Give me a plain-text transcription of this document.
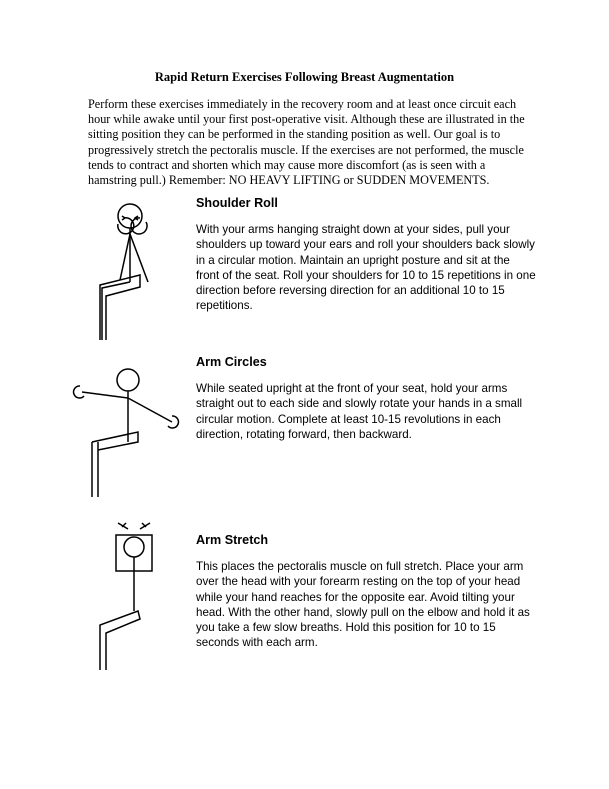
Rapid Return Exercises Following Breast Augmentation
Perform these exercises immediately in the recovery room and at least once circuit each hour while awake until your first post-operative visit. Although these are illustrated in the sitting position they can be performed in the standing position as well. Our goal is to progressively stretch the pectoralis muscle. If the exercises are not performed, the muscle tends to contract and shorten which may cause more discomfort (as is seen with a hamstring pull.) Remember: NO HEAVY LIFTING or SUDDEN MOVEMENTS.
Shoulder Roll

With your arms hanging straight down at your sides, pull your shoulders up toward your ears and roll your shoulders back slowly in a circular motion. Maintain an upright posture and sit at the front of the seat. Roll your shoulders for 10 to 15 repetitions in one direction before reversing direction for an additional 10 to 15 repetitions.

Arm Circles

While seated upright at the front of your seat, hold your arms straight out to each side and slowly rotate your hands in a small circular motion. Complete at least 10-15 revolutions in each direction, rotating forward, then backward.

Arm Stretch

This places the pectoralis muscle on full stretch. Place your arm over the head with your forearm resting on the top of your head while your hand reaches for the opposite ear. Avoid tilting your head. With the other hand, slowly pull on the elbow and hold it as you take a few slow breaths. Hold this position for 10 to 15 seconds with each arm.
